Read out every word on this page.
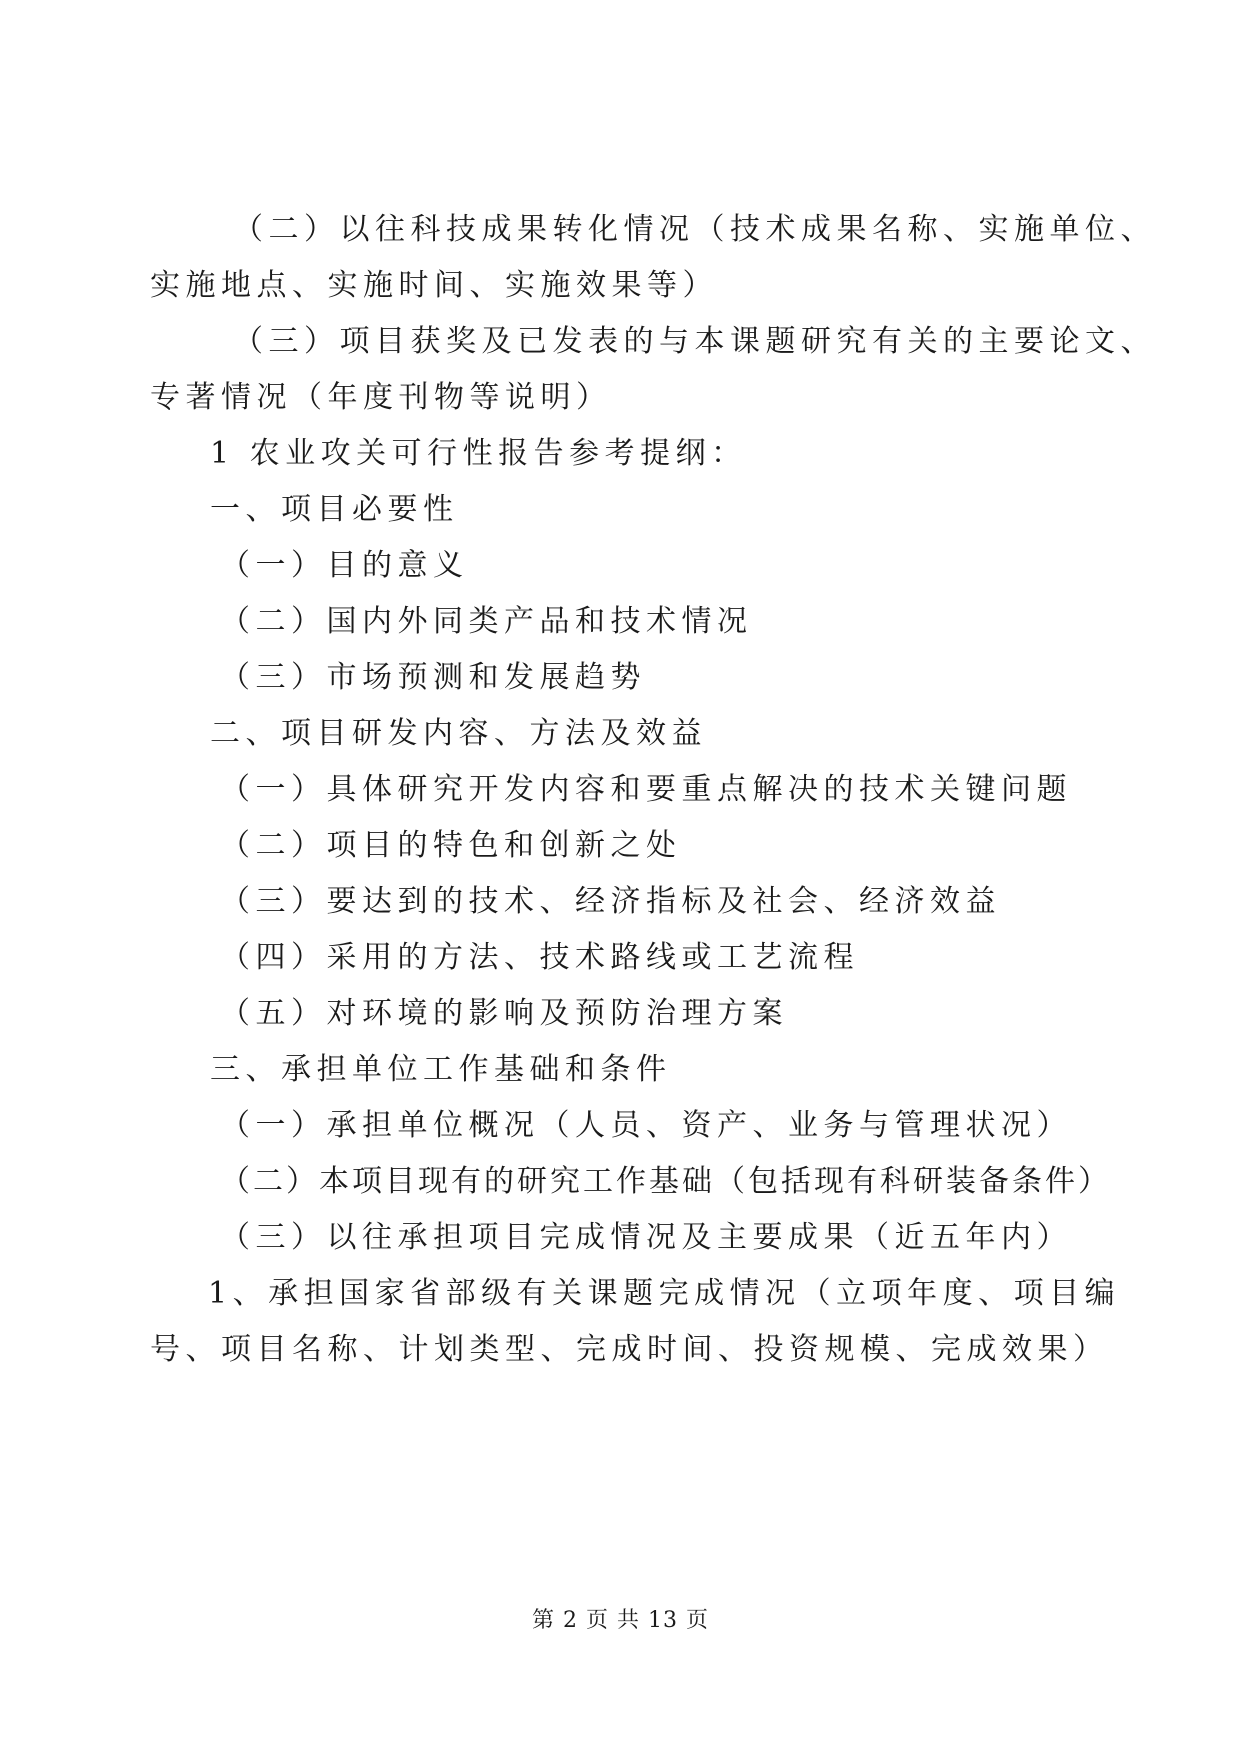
（二）以往科技成果转化情况（技术成果名称、实施单位、
实施地点、实施时间、实施效果等）
（三）项目获奖及已发表的与本课题研究有关的主要论文、
专著情况（年度刊物等说明）
1 农业攻关可行性报告参考提纲：
一、项目必要性
（一）目的意义
（二）国内外同类产品和技术情况
（三）市场预测和发展趋势
二、项目研发内容、方法及效益
（一）具体研究开发内容和要重点解决的技术关键问题
（二）项目的特色和创新之处
（三）要达到的技术、经济指标及社会、经济效益
（四）采用的方法、技术路线或工艺流程
（五）对环境的影响及预防治理方案
三、承担单位工作基础和条件
（一）承担单位概况（人员、资产、业务与管理状况）
（二）本项目现有的研究工作基础（包括现有科研装备条件）
（三）以往承担项目完成情况及主要成果（近五年内）
1、承担国家省部级有关课题完成情况（立项年度、项目编
号、项目名称、计划类型、完成时间、投资规模、完成效果）
第 2 页 共 13 页
